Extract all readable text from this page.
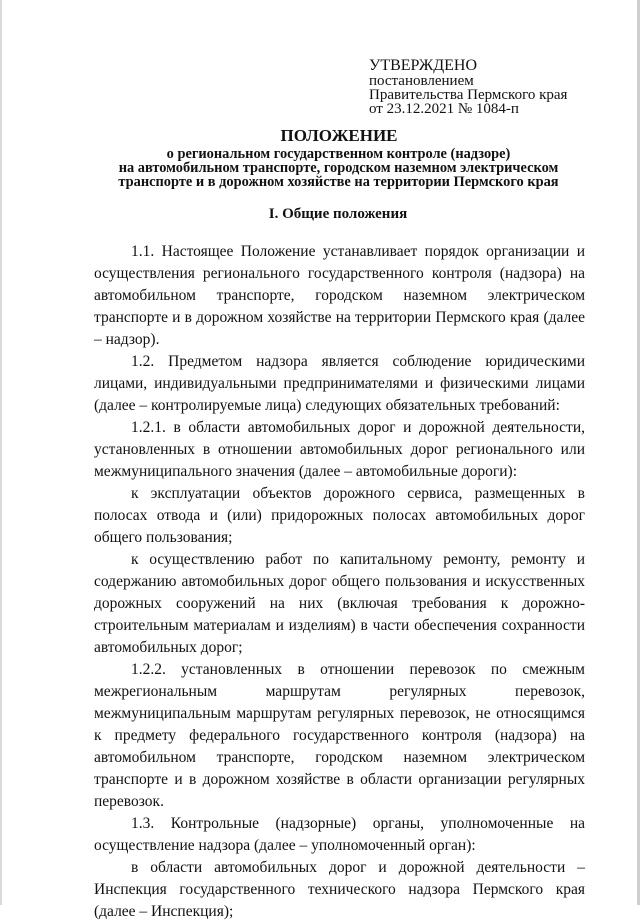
УТВЕРЖДЕНО
постановлением
Правительства Пермского края
от 23.12.2021 № 1084-п
ПОЛОЖЕНИЕ
о региональном государственном контроле (надзоре)
на автомобильном транспорте, городском наземном электрическом
транспорте и в дорожном хозяйстве на территории Пермского края
I. Общие положения

1.1. Настоящее Положение устанавливает порядок организации и осуществления регионального государственного контроля (надзора) на автомобильном транспорте, городском наземном электрическом транспорте и в дорожном хозяйстве на территории Пермского края (далее – надзор).

1.2. Предметом надзора является соблюдение юридическими лицами, индивидуальными предпринимателями и физическими лицами (далее – контролируемые лица) следующих обязательных требований:

1.2.1. в области автомобильных дорог и дорожной деятельности, установленных в отношении автомобильных дорог регионального или межмуниципального значения (далее – автомобильные дороги):

к эксплуатации объектов дорожного сервиса, размещенных в полосах отвода и (или) придорожных полосах автомобильных дорог общего пользования;

к осуществлению работ по капитальному ремонту, ремонту и содержанию автомобильных дорог общего пользования и искусственных дорожных сооружений на них (включая требования к дорожно-строительным материалам и изделиям) в части обеспечения сохранности автомобильных дорог;

1.2.2. установленных в отношении перевозок по смежным межрегиональным маршрутам регулярных перевозок, межмуниципальным маршрутам регулярных перевозок, не относящимся к предмету федерального государственного контроля (надзора) на автомобильном транспорте, городском наземном электрическом транспорте и в дорожном хозяйстве в области организации регулярных перевозок.

1.3. Контрольные (надзорные) органы, уполномоченные на осуществление надзора (далее – уполномоченный орган):

в области автомобильных дорог и дорожной деятельности – Инспекция государственного технического надзора Пермского края (далее – Инспекция);
